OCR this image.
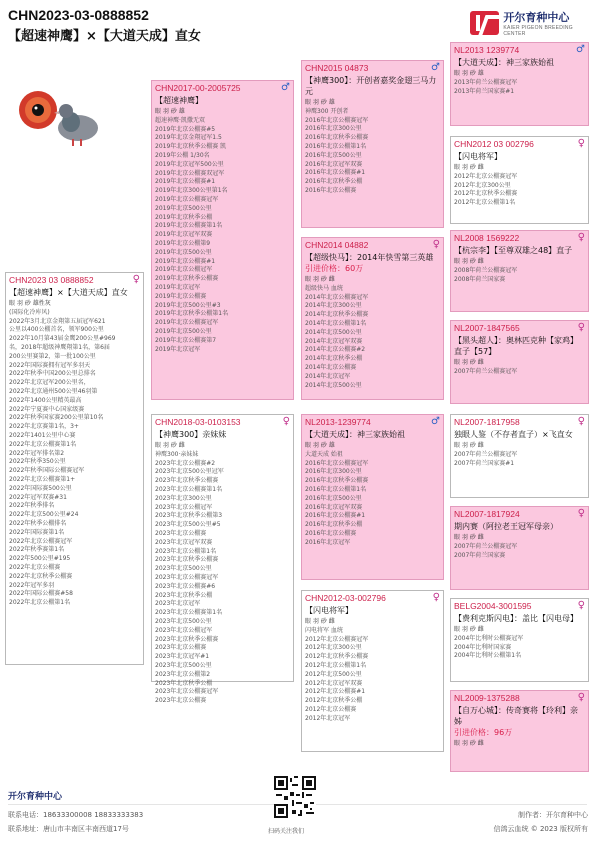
CHN2023-03-0888852
【超速神鹰】×【大道天成】直女
开尔育种中心
KAIER PIGEON BREEDING CENTER
CHN2023 03 0888852	♀
【超速神鹰】×【大道天成】直女
眼 羽 砂 雄性灰
(国际化冷库风)
2022年3月北京金翔第五届冠军621
公里以400公棚首名，领军900公里
2022年10月第43届金鹰200公里#969
名，2018年超级神鹰翔第1名，第6届
200公里赛第2，第一批100公里
2022年国际赛拥有冠军多羽天
2022年秋季中国200公里总排名
2022年北京冠军200公里名，
2022年北京通州500公里46羽第
2022年1400公里精英最高
2022年宁夏赛中心国家级赛
2022年秋季国家赛200公里第10名
2022年北京赛第1名，3+
2022年1401公里中心赛
2022年北京公棚赛第1名
2022年冠军排名第2
2022年秋季350公里
2022年秋季国际公棚赛冠军
2022年北京公棚赛第1+
2022年国际赛500公里
2022年冠军双赛#31
2022年秋季排名
2022年北京500公里#24
2022年秋季公棚排名
2022年国际赛第1名
2022年北京公棚赛冠军
2022年秋季赛第1名
2022年500公里#195
2022年北京公棚赛
2022年北京秋季公棚赛
2022年冠军多羽
2022年国际公棚赛#58
2022年北京公棚第1名
CHN2017-00-2005725	♂
【超速神鹰】
眼 羽 砂 雄
超速神鹰·凯撒无双
2019年北京公棚赛#5
2019年北京金翔冠军1.5
2019年北京秋季公棚赛 凯
2019年公棚 1/30名
2019年北京冠军500公里
2019年北京公棚赛双冠军
2019年北京公棚赛#1
2019年北京300公里第1名
2019年北京公棚赛冠军
2019年北京500公里
2019年北京秋季公棚
2019年北京公棚赛第1名
2019年北京冠军双赛
2019年北京公棚第9
2019年北京500公里
2019年北京公棚赛#1
2019年北京公棚冠军
2019年北京秋季公棚赛
2019年北京冠军
2019年北京公棚赛
2019年北京500公里#3
2019年北京秋季公棚第1名
2019年北京公棚赛冠军
2019年北京500公里
2019年北京公棚赛第7
2019年北京冠军
CHN2018-03-0103153	♀
【神鹰300】亲妹妹
眼 羽 砂 雌
神鹰300·亲妹妹
2023年北京公棚赛#2
2023年北京500公里冠军
2023年北京秋季公棚赛
2023年北京公棚赛第1名
2023年北京300公里
2023年北京公棚冠军
2023年北京秋季公棚第3
2023年北京500公里#5
2023年北京公棚赛
2023年北京冠军双赛
2023年北京公棚第1名
2023年北京秋季公棚赛
2023年北京500公里
2023年北京公棚赛冠军
2023年北京公棚赛#6
2023年北京秋季公棚
2023年北京冠军
2023年北京公棚赛第1名
2023年北京500公里
2023年北京公棚冠军
2023年北京秋季公棚赛
2023年北京公棚赛
2023年北京冠军#1
2023年北京500公里
2023年北京公棚第2
2023年北京秋季公棚
2023年北京公棚赛冠军
2023年北京公棚赛
CHN2015 04873	♂
【神鹰300】：开创者嘉奖金翅三马力元
眼 羽 砂 雄
神鹰300 开创者
2016年北京公棚赛冠军
2016年北京300公里
2016年北京秋季公棚赛
2016年北京公棚第1名
2016年北京500公里
2016年北京冠军双赛
2016年北京公棚赛#1
2016年北京秋季公棚
2016年北京公棚赛
CHN2014 04882	♀
【超级快马】：2014年快雪第三英雄
引进价格：60万
眼 羽 砂 雌
超级快马 血统
2014年北京公棚赛冠军
2014年北京300公里
2014年北京秋季公棚赛
2014年北京公棚第1名
2014年北京500公里
2014年北京冠军双赛
2014年北京公棚赛#2
2014年北京秋季公棚
2014年北京公棚赛
2014年北京冠军
2014年北京500公里
NL2013-1239774	♂
【大道天成】：神三家族始祖
眼 羽 砂 雄
大道天成 始祖
2016年北京公棚赛冠军
2016年北京300公里
2016年北京秋季公棚赛
2016年北京公棚第1名
2016年北京500公里
2016年北京冠军双赛
2016年北京公棚赛#1
2016年北京秋季公棚
2016年北京公棚赛
2016年北京冠军
CHN2012-03-002796	♀
【闪电将军】
眼 羽 砂 雌
闪电将军 血统
2012年北京公棚赛冠军
2012年北京300公里
2012年北京秋季公棚赛
2012年北京公棚第1名
2012年北京500公里
2012年北京冠军双赛
2012年北京公棚赛#1
2012年北京秋季公棚
2012年北京公棚赛
2012年北京冠军
NL2013 1239774	♂
【大道天成】：神三家族始祖
眼 羽 砂 雄
2013年荷兰公棚赛冠军
2013年荷兰国家赛#1
CHN2012 03 002796	♀
【闪电将军】
眼 羽 砂 雌
2012年北京公棚赛冠军
2012年北京300公里
2012年北京秋季公棚赛
2012年北京公棚第1名
NL2008 1569222	♀
【杭宗李】【至尊双雄之48】直子
眼 羽 砂 雌
2008年荷兰公棚赛冠军
2008年荷兰国家赛
NL2007-1847565	♀
【黑头超人】：奥林匹克种【家鸡】直子【57】
眼 羽 砂 雌
2007年荷兰公棚赛冠军
NL2007-1817958	♀
独眼人鉴（不存者直子）×飞直女
眼 羽 砂 雌
2007年荷兰公棚赛冠军
2007年荷兰国家赛#1
NL2007-1817924	♀
期内赛（阿拉老王冠军母亲）
眼 羽 砂 雌
2007年荷兰公棚赛冠军
2007年荷兰国家赛
BELG2004-3001595	♀
【费利克斯闪电】：盖比【闪电母】
眼 羽 砂 雌
2004年比利时公棚赛冠军
2004年比利时国家赛
2004年比利时公棚第1名
NL2009-1375288	♀
【自万心城】：传奇赛将【玲利】亲姊
引进价格：96万
眼 羽 砂 雌
开尔育种中心
联系电话：18633300008 18833333383
联系地址：唐山市丰南区丰南西道17号	扫码关注我们
制作者：开尔育种中心
信鸽云血统 © 2023 版权所有
